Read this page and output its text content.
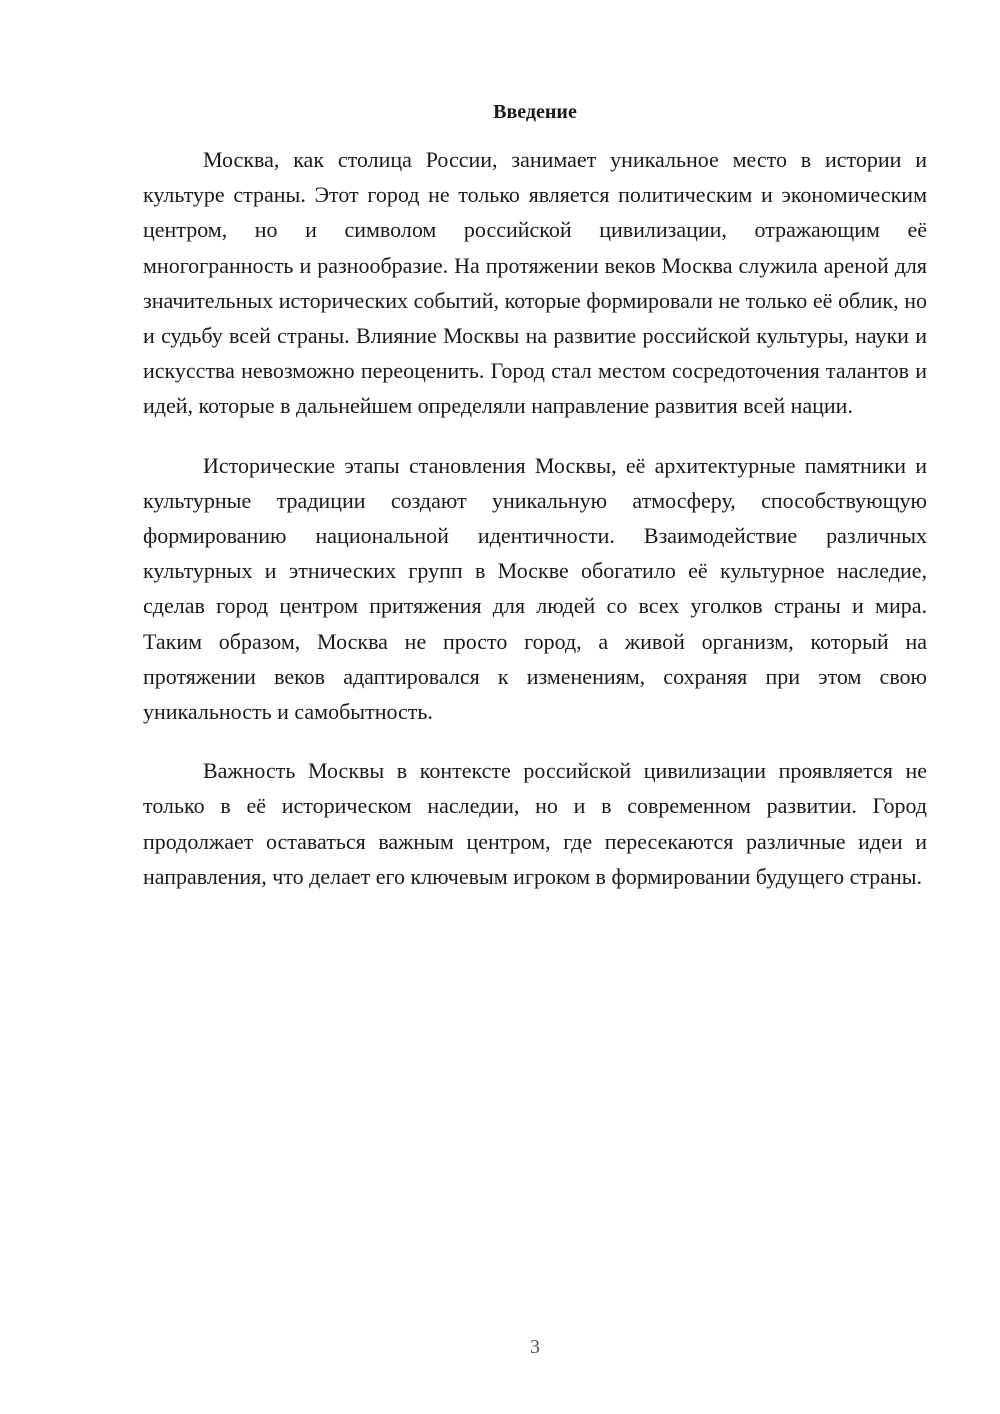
Введение

Москва, как столица России, занимает уникальное место в истории и культуре страны. Этот город не только является политическим и экономическим центром, но и символом российской цивилизации, отражающим её многогранность и разнообразие. На протяжении веков Москва служила ареной для значительных исторических событий, которые формировали не только её облик, но и судьбу всей страны. Влияние Москвы на развитие российской культуры, науки и искусства невозможно переоценить. Город стал местом сосредоточения талантов и идей, которые в дальнейшем определяли направление развития всей нации.

Исторические этапы становления Москвы, её архитектурные памятники и культурные традиции создают уникальную атмосферу, способствующую формированию национальной идентичности. Взаимодействие различных культурных и этнических групп в Москве обогатило её культурное наследие, сделав город центром притяжения для людей со всех уголков страны и мира. Таким образом, Москва не просто город, а живой организм, который на протяжении веков адаптировался к изменениям, сохраняя при этом свою уникальность и самобытность.

Важность Москвы в контексте российской цивилизации проявляется не только в её историческом наследии, но и в современном развитии. Город продолжает оставаться важным центром, где пересекаются различные идеи и направления, что делает его ключевым игроком в формировании будущего страны.

3
